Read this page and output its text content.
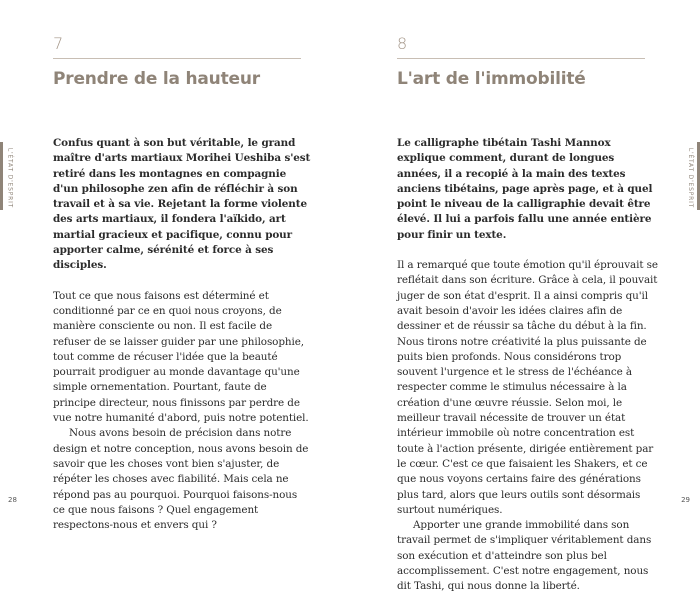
7
Prendre de la hauteur
L'ÉTAT D'ESPRIT

Confus quant à son but véritable, le grand maître d'arts martiaux Morihei Ueshiba s'est retiré dans les montagnes en compagnie d'un philosophe zen afin de réfléchir à son travail et à sa vie. Rejetant la forme violente des arts martiaux, il fondera l'aïkido, art martial gracieux et pacifique, connu pour apporter calme, sérénité et force à ses disciples.

Tout ce que nous faisons est déterminé et conditionné par ce en quoi nous croyons, de manière consciente ou non. Il est facile de refuser de se laisser guider par une philosophie, tout comme de récuser l'idée que la beauté pourrait prodiguer au monde davantage qu'une simple ornementation. Pourtant, faute de principe directeur, nous finissons par perdre de vue notre humanité d'abord, puis notre potentiel.

Nous avons besoin de précision dans notre design et notre conception, nous avons besoin de savoir que les choses vont bien s'ajuster, de répéter les choses avec fiabilité. Mais cela ne répond pas au pourquoi. Pourquoi faisons-nous ce que nous faisons ? Quel engagement respectons-nous et envers qui ?

28
8
L'art de l'immobilité
L'ÉTAT D'ESPRIT

Le calligraphe tibétain Tashi Mannox explique comment, durant de longues années, il a recopié à la main des textes anciens tibétains, page après page, et à quel point le niveau de la calligraphie devait être élevé. Il lui a parfois fallu une année entière pour finir un texte.

Il a remarqué que toute émotion qu'il éprouvait se reflétait dans son écriture. Grâce à cela, il pouvait juger de son état d'esprit. Il a ainsi compris qu'il avait besoin d'avoir les idées claires afin de dessiner et de réussir sa tâche du début à la fin. Nous tirons notre créativité la plus puissante de puits bien profonds. Nous considérons trop souvent l'urgence et le stress de l'échéance à respecter comme le stimulus nécessaire à la création d'une œuvre réussie. Selon moi, le meilleur travail nécessite de trouver un état intérieur immobile où notre concentration est toute à l'action présente, dirigée entièrement par le cœur. C'est ce que faisaient les Shakers, et ce que nous voyons certains faire des générations plus tard, alors que leurs outils sont désormais surtout numériques.

Apporter une grande immobilité dans son travail permet de s'impliquer véritablement dans son exécution et d'atteindre son plus bel accomplissement. C'est notre engagement, nous dit Tashi, qui nous donne la liberté.

29
